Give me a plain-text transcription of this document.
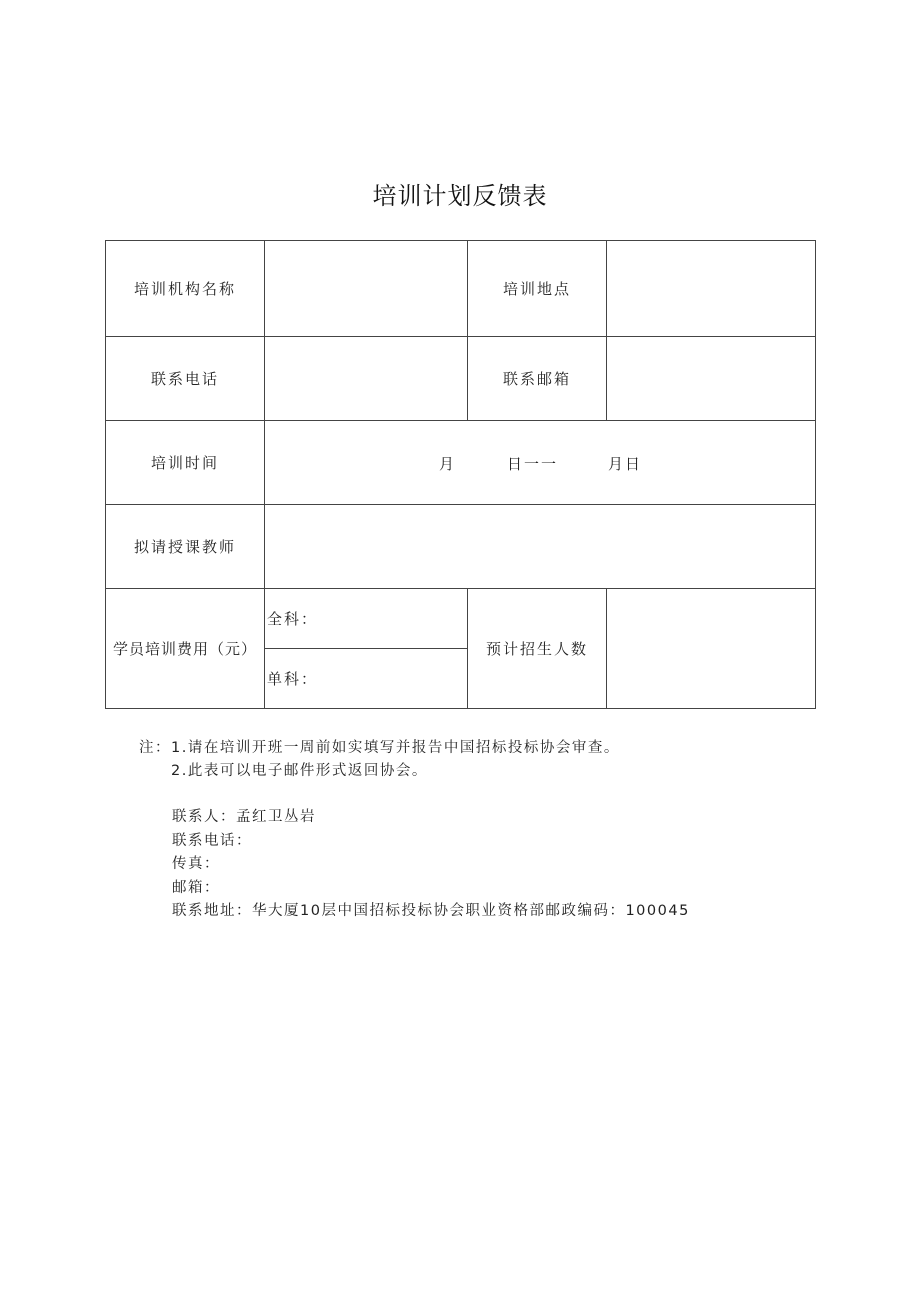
培训计划反馈表
培训机构名称		培训地点	
联系电话		联系邮箱	
培训时间	月 日一一 月日		

拟请授课教师			
学员培训费用（元）	全科：	预计招生人数	
	单科：		
注：1.请在培训开班一周前如实填写并报告中国招标投标协会审查。
2.此表可以电子邮件形式返回协会。
联系人：孟红卫丛岩
联系电话：
传真：
邮箱：
联系地址：华大厦10层中国招标投标协会职业资格部邮政编码：100045
